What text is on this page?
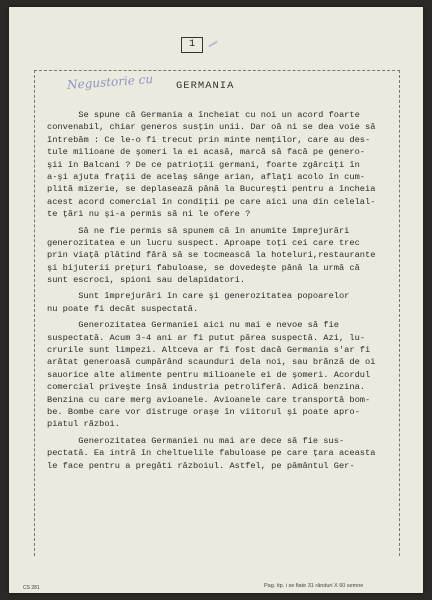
1
Negustorie cu GERMANIA
Se spune că Germania a încheiat cu noi un acord foarte
convenabil, chiar generos susţin unii. Dar oă ni se dea voie să
întrebăm : Ce le-o fi trecut prin minte nemţilor, care au des-
tule milioane de şomeri la ei acasă, marcă să facă pe genero-
şii în Balcani ? De ce patrioţii germani, foarte zgârciţi în
a-şi ajuta fraţii de acelaş sânge arian, aflaţi acolo în cum-
plită mizerie, se deplasează până la Bucureşti pentru a încheia
acest acord comercial în condiţii pe care aici una din celelal-
te ţări nu şi-a permis să ni le ofere ?
Să ne fie permis să spunem că în anumite împrejurări
generozitatea e un lucru suspect. Aproape toţi cei care trec
prin viaţă plătind fără să se tocmească la hoteluri,restaurante
şi bijuterii preţuri fabuloase, se dovedeşte până la urmă că
sunt escroci, spioni sau delapidatori.
Sunt împrejurări în care şi generozitatea popoarelor
nu poate fi decât suspectată.
Generozitatea Germaniei aici nu mai e nevoe să fie
suspectată. Acum 3-4 ani ar fi putut părea suspectă. Azi, lu-
crurile sunt limpezi. Altceva ar fi fost dacă Germania s'ar fi
arătat generoasă cumpărând scaunduri dela noi, sau brânză de oi
sauorice alte alimente pentru milioanele ei de şomeri. Acordul
comercial priveşte însă industria petroliferă. Adică benzina.
Benzina cu care merg avioanele. Avioanele care transportă bom-
be. Bombe care vor distruge oraşe în viitorul şi poate apro-
piatul război.
Generozitatea Germaniei nu mai are dece să fie sus-
pectată. Ea intră în cheltuelile fabuloase pe care ţara aceasta
le face pentru a pregăti războiul. Astfel, pe pământul Ger-
CS 281	Pag. tip. i se fiate 31 rânduri X 60 semne
